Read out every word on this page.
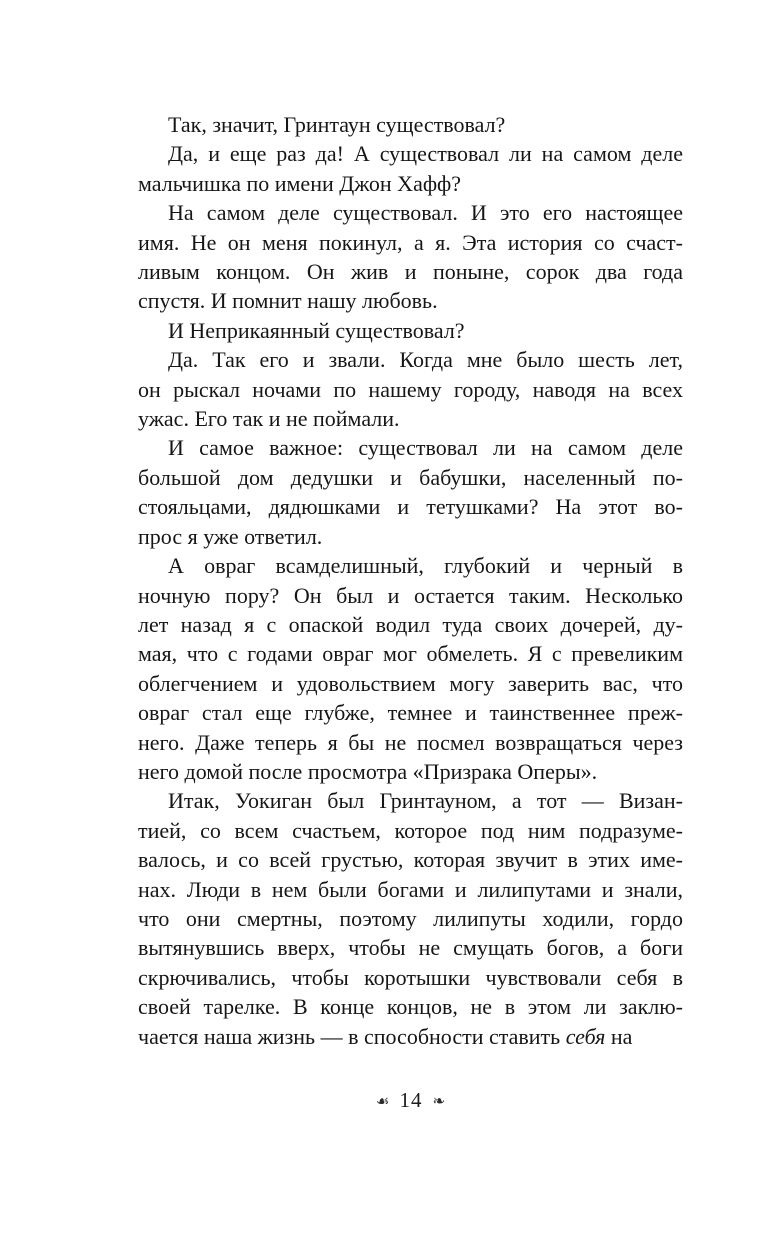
Так, значит, Гринтаун существовал?
Да, и еще раз да! А существовал ли на самом деле
мальчишка по имени Джон Хафф?
На самом деле существовал. И это его настоящее
имя. Не он меня покинул, а я. Эта история со счаст-
ливым концом. Он жив и поныне, сорок два года
спустя. И помнит нашу любовь.
И Неприкаянный существовал?
Да. Так его и звали. Когда мне было шесть лет,
он рыскал ночами по нашему городу, наводя на всех
ужас. Его так и не поймали.
И самое важное: существовал ли на самом деле
большой дом дедушки и бабушки, населенный по-
стояльцами, дядюшками и тетушками? На этот во-
прос я уже ответил.
А овраг всамделишный, глубокий и черный в
ночную пору? Он был и остается таким. Несколько
лет назад я с опаской водил туда своих дочерей, ду-
мая, что с годами овраг мог обмелеть. Я с превеликим
облегчением и удовольствием могу заверить вас, что
овраг стал еще глубже, темнее и таинственнее преж-
него. Даже теперь я бы не посмел возвращаться через
него домой после просмотра «Призрака Оперы».
Итак, Уокиган был Гринтауном, а тот — Визан-
тией, со всем счастьем, которое под ним подразуме-
валось, и со всей грустью, которая звучит в этих име-
нах. Люди в нем были богами и лилипутами и знали,
что они смертны, поэтому лилипуты ходили, гордо
вытянувшись вверх, чтобы не смущать богов, а боги
скрючивались, чтобы коротышки чувствовали себя в
своей тарелке. В конце концов, не в этом ли заклю-
чается наша жизнь — в способности ставить себя на
☙ 14 ❧
